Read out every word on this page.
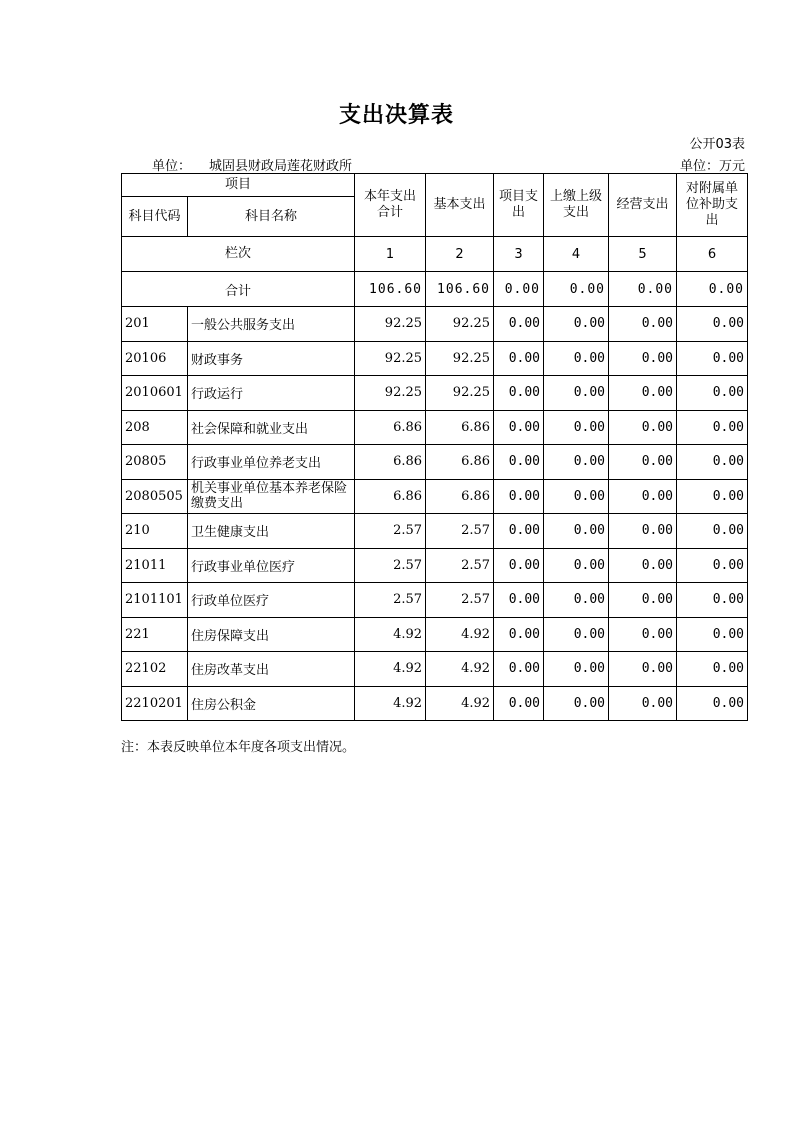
支出决算表
公开03表
单位： 城固县财政局莲花财政所	单位：万元
项目		本年支出合计	基本支出	项目支出	上缴上级支出	经营支出	对附属单位补助支出
科目代码	科目名称						
栏次		1	2	3	4	5	6
合计		106.60	106.60	0.00	0.00	0.00	0.00
201	一般公共服务支出	92.25	92.25	0.00	0.00	0.00	0.00
20106	财政事务	92.25	92.25	0.00	0.00	0.00	0.00
2010601	行政运行	92.25	92.25	0.00	0.00	0.00	0.00
208	社会保障和就业支出	6.86	6.86	0.00	0.00	0.00	0.00
20805	行政事业单位养老支出	6.86	6.86	0.00	0.00	0.00	0.00
2080505	机关事业单位基本养老保险缴费支出	6.86	6.86	0.00	0.00	0.00	0.00
210	卫生健康支出	2.57	2.57	0.00	0.00	0.00	0.00
21011	行政事业单位医疗	2.57	2.57	0.00	0.00	0.00	0.00
2101101	行政单位医疗	2.57	2.57	0.00	0.00	0.00	0.00
221	住房保障支出	4.92	4.92	0.00	0.00	0.00	0.00
22102	住房改革支出	4.92	4.92	0.00	0.00	0.00	0.00
2210201	住房公积金	4.92	4.92	0.00	0.00	0.00	0.00
注：本表反映单位本年度各项支出情况。
